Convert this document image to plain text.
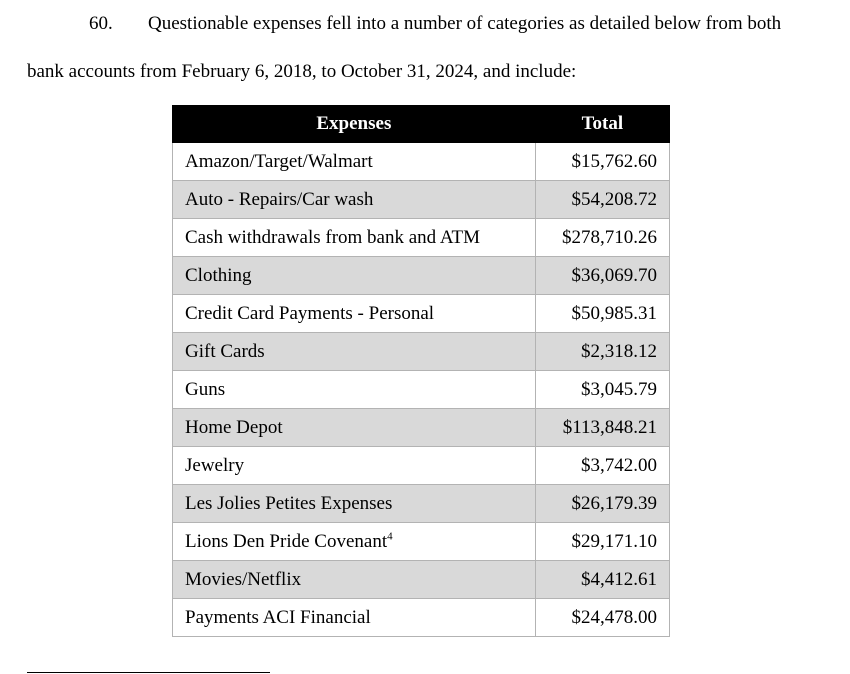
60. Questionable expenses fell into a number of categories as detailed below from both
bank accounts from February 6, 2018, to October 31, 2024, and include:
Expenses	Total
Amazon/Target/Walmart	$15,762.60
Auto - Repairs/Car wash	$54,208.72
Cash withdrawals from bank and ATM	$278,710.26
Clothing	$36,069.70
Credit Card Payments - Personal	$50,985.31
Gift Cards	$2,318.12
Guns	$3,045.79
Home Depot	$113,848.21
Jewelry	$3,742.00
Les Jolies Petites Expenses	$26,179.39
Lions Den Pride Covenant$^4$	$29,171.10
Movies/Netflix	$4,412.61
Payments ACI Financial	$24,478.00
